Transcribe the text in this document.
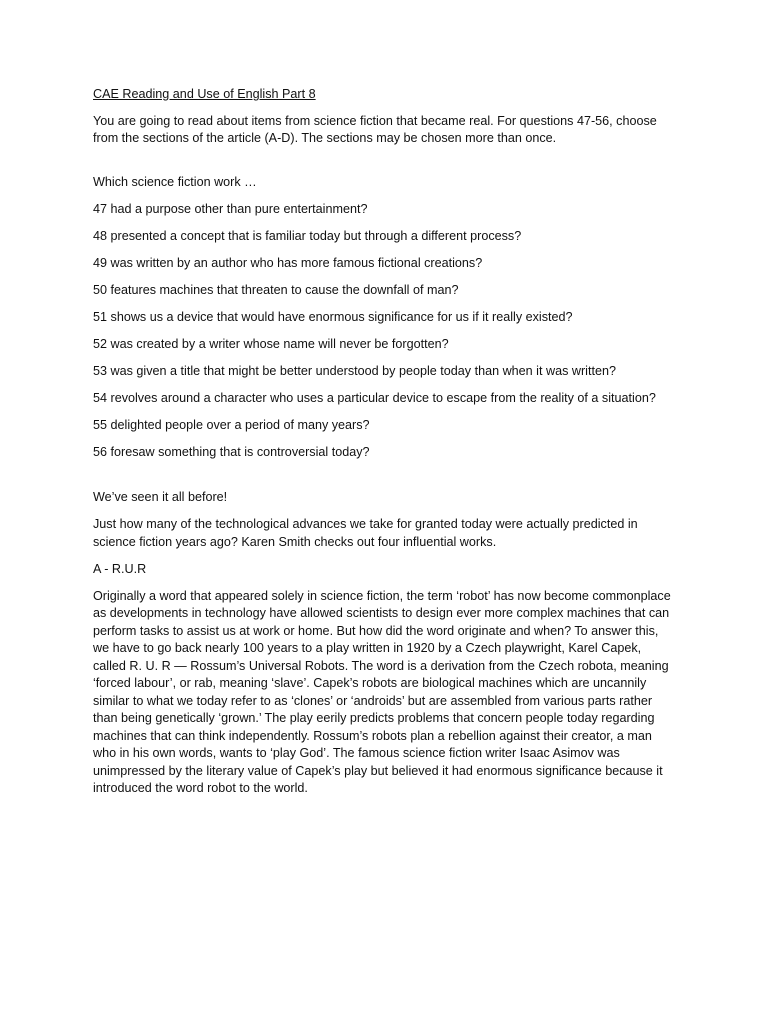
CAE Reading and Use of English Part 8
You are going to read about items from science fiction that became real. For questions 47-56, choose from the sections of the article (A-D). The sections may be chosen more than once.
Which science fiction work …
47 had a purpose other than pure entertainment?
48 presented a concept that is familiar today but through a different process?
49 was written by an author who has more famous fictional creations?
50 features machines that threaten to cause the downfall of man?
51 shows us a device that would have enormous significance for us if it really existed?
52 was created by a writer whose name will never be forgotten?
53 was given a title that might be better understood by people today than when it was written?
54 revolves around a character who uses a particular device to escape from the reality of a situation?
55 delighted people over a period of many years?
56 foresaw something that is controversial today?
We’ve seen it all before!
Just how many of the technological advances we take for granted today were actually predicted in science fiction years ago? Karen Smith checks out four influential works.
A - R.U.R
Originally a word that appeared solely in science fiction, the term ‘robot’ has now become commonplace as developments in technology have allowed scientists to design ever more complex machines that can perform tasks to assist us at work or home. But how did the word originate and when? To answer this, we have to go back nearly 100 years to a play written in 1920 by a Czech playwright, Karel Capek, called R. U. R — Rossum’s Universal Robots. The word is a derivation from the Czech robota, meaning ‘forced labour’, or rab, meaning ‘slave’. Capek’s robots are biological machines which are uncannily similar to what we today refer to as ‘clones’ or ‘androids’ but are assembled from various parts rather than being genetically ‘grown.’ The play eerily predicts problems that concern people today regarding machines that can think independently. Rossum’s robots plan a rebellion against their creator, a man who in his own words, wants to ‘play God’. The famous science fiction writer Isaac Asimov was unimpressed by the literary value of Capek’s play but believed it had enormous significance because it introduced the word robot to the world.
